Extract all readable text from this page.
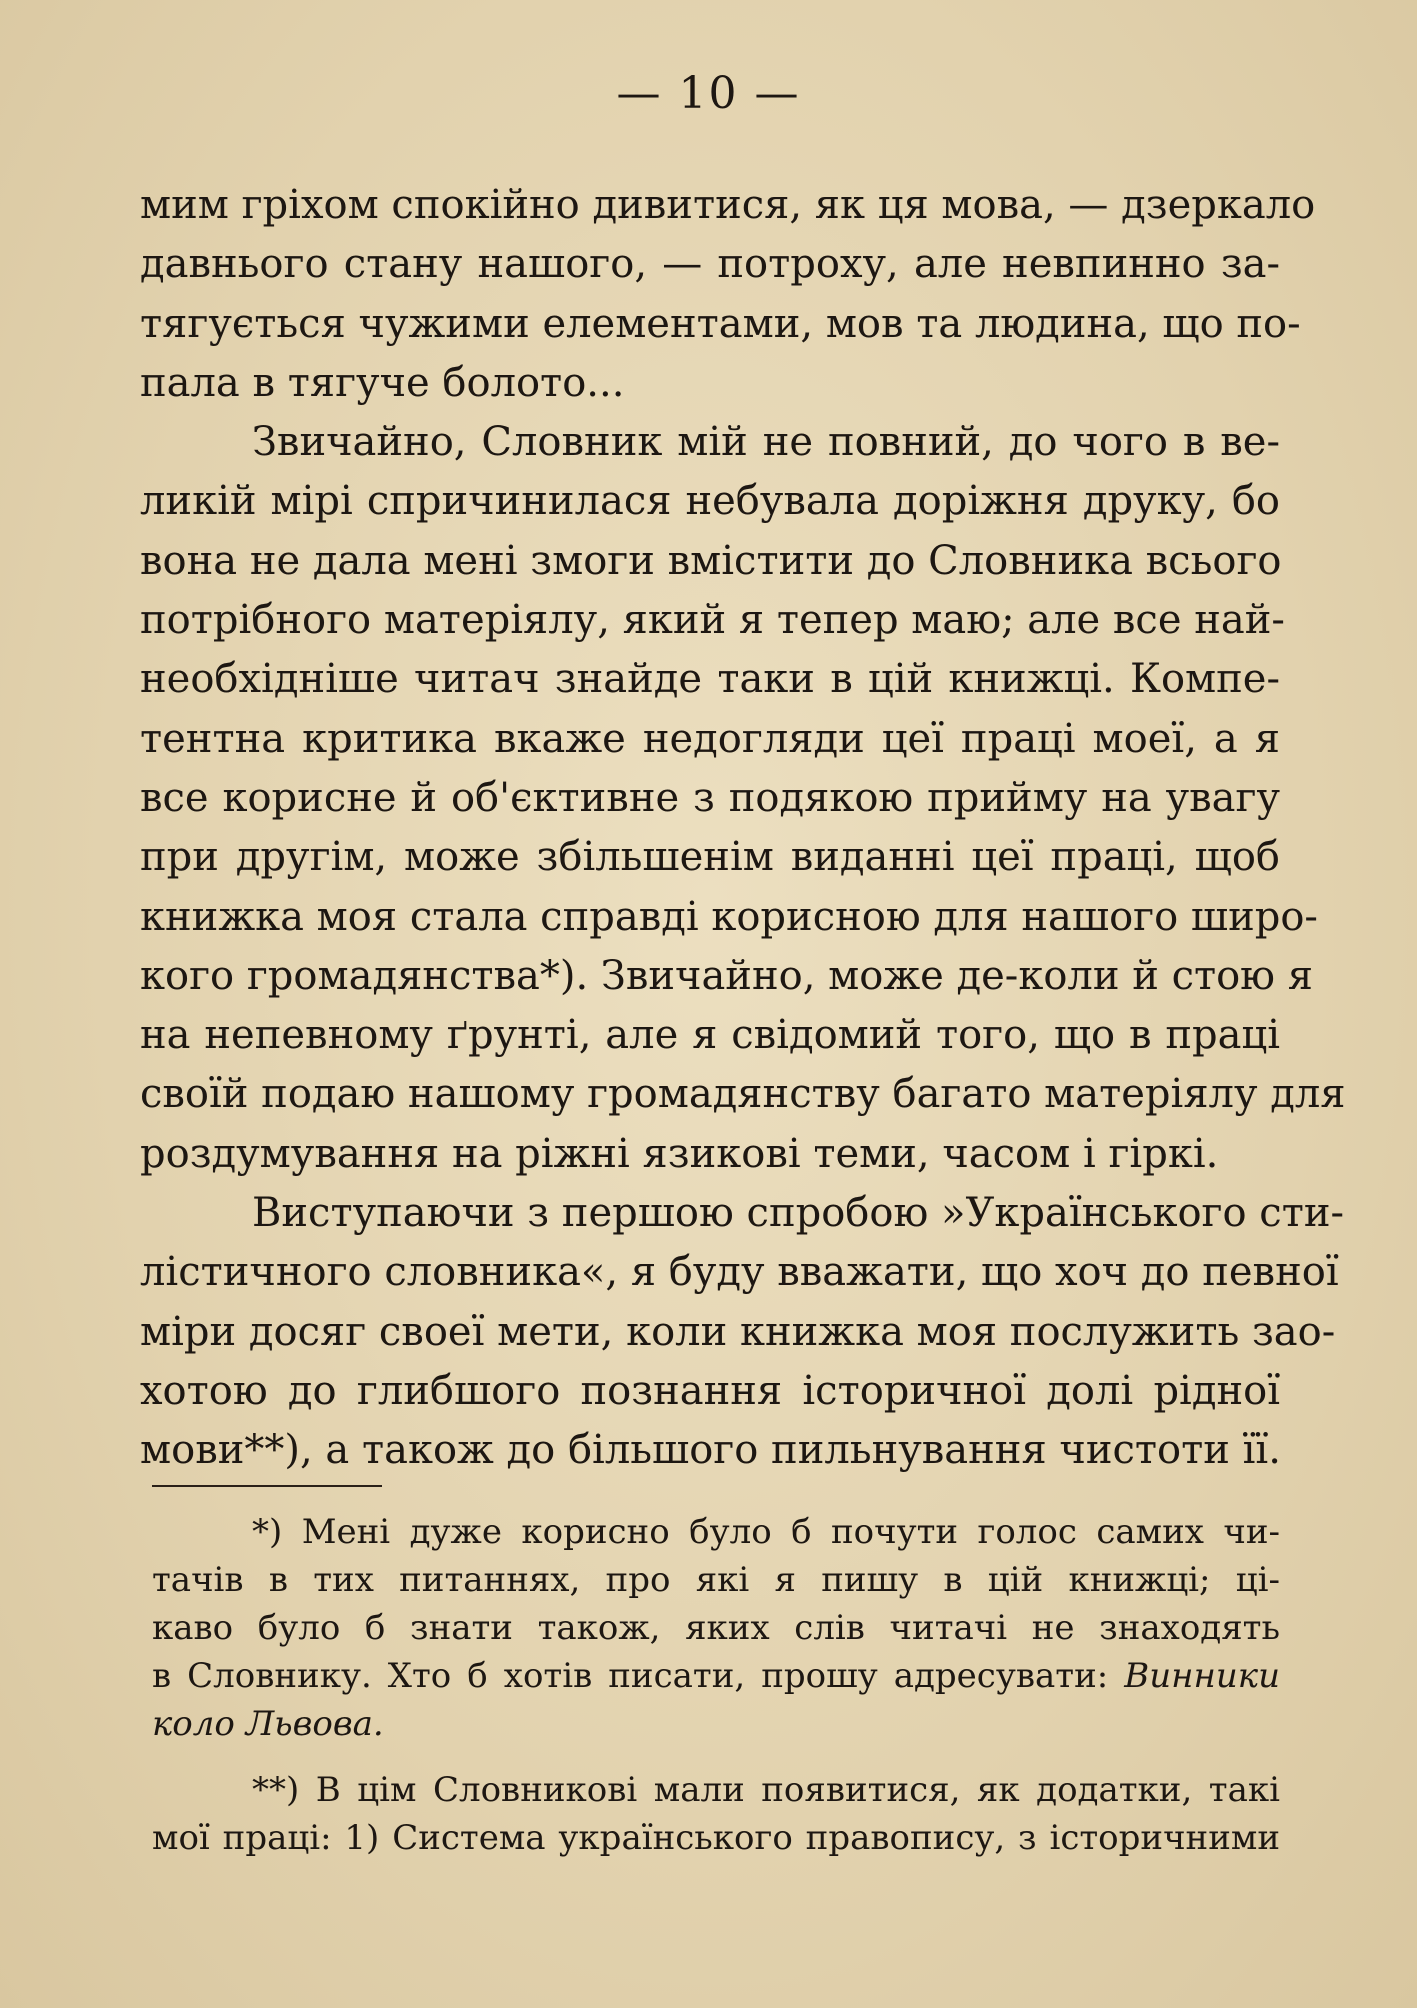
— 10 —
мим гріхом спокійно дивитися, як ця мова, — дзеркало
давнього стану нашого, — потроху, але невпинно за-
тягується чужими елементами, мов та людина, що по-
пала в тягуче болото...
Звичайно, Словник мій не повний, до чого в ве-
ликій мірі спричинилася небувала доріжня друку, бо
вона не дала мені змоги вмістити до Словника всього
потрібного матеріялу, який я тепер маю; але все най-
необхідніше читач знайде таки в цій книжці. Компе-
тентна критика вкаже недогляди цеї праці моеї, а я
все корисне й об'єктивне з подякою прийму на увагу
при другім, може збільшенім виданні цеї праці, щоб
книжка моя стала справді корисною для нашого широ-
кого громадянства*). Звичайно, може де-коли й стою я
на непевному ґрунті, але я свідомий того, що в праці
своїй подаю нашому громадянству багато матеріялу для
роздумування на ріжні язикові теми, часом і гіркі.
Виступаючи з першою спробою »Українського сти-
лістичного словника«, я буду вважати, що хоч до певної
міри досяг своеї мети, коли книжка моя послужить зао-
хотою до глибшого познання історичної долі рідної
мови**), а також до більшого пильнування чистоти її.
*) Мені дуже корисно було б почути голос самих чи-
тачів в тих питаннях, про які я пишу в цій книжці; ці-
каво було б знати також, яких слів читачі не знаходять
в Словнику. Хто б хотів писати, прошу адресувати: Винники
коло Львова.
**) В цім Словникові мали появитися, як додатки, такі
мої праці: 1) Система українського правопису, з історичними
